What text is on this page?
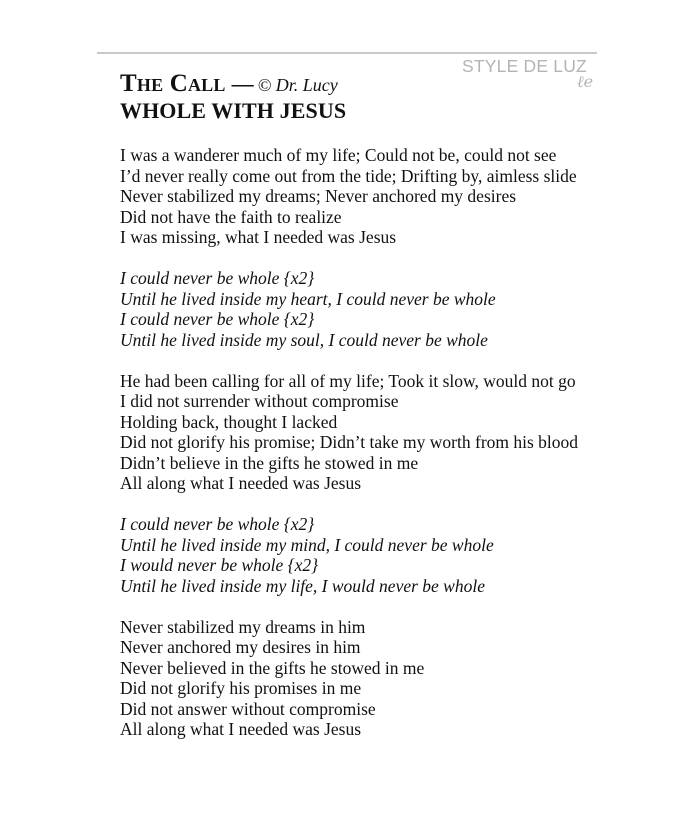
STYLE DE LUZ
ℓe
The Call — © Dr. Lucy
WHOLE WITH JESUS
I was a wanderer much of my life; Could not be, could not see
I’d never really come out from the tide; Drifting by, aimless slide
Never stabilized my dreams; Never anchored my desires
Did not have the faith to realize
I was missing, what I needed was Jesus
I could never be whole {x2}
Until he lived inside my heart, I could never be whole
I could never be whole {x2}
Until he lived inside my soul, I could never be whole
He had been calling for all of my life; Took it slow, would not go
I did not surrender without compromise
Holding back, thought I lacked
Did not glorify his promise; Didn’t take my worth from his blood
Didn’t believe in the gifts he stowed in me
All along what I needed was Jesus
I could never be whole {x2}
Until he lived inside my mind, I could never be whole
I would never be whole {x2}
Until he lived inside my life, I would never be whole
Never stabilized my dreams in him
Never anchored my desires in him
Never believed in the gifts he stowed in me
Did not glorify his promises in me
Did not answer without compromise
All along what I needed was Jesus
